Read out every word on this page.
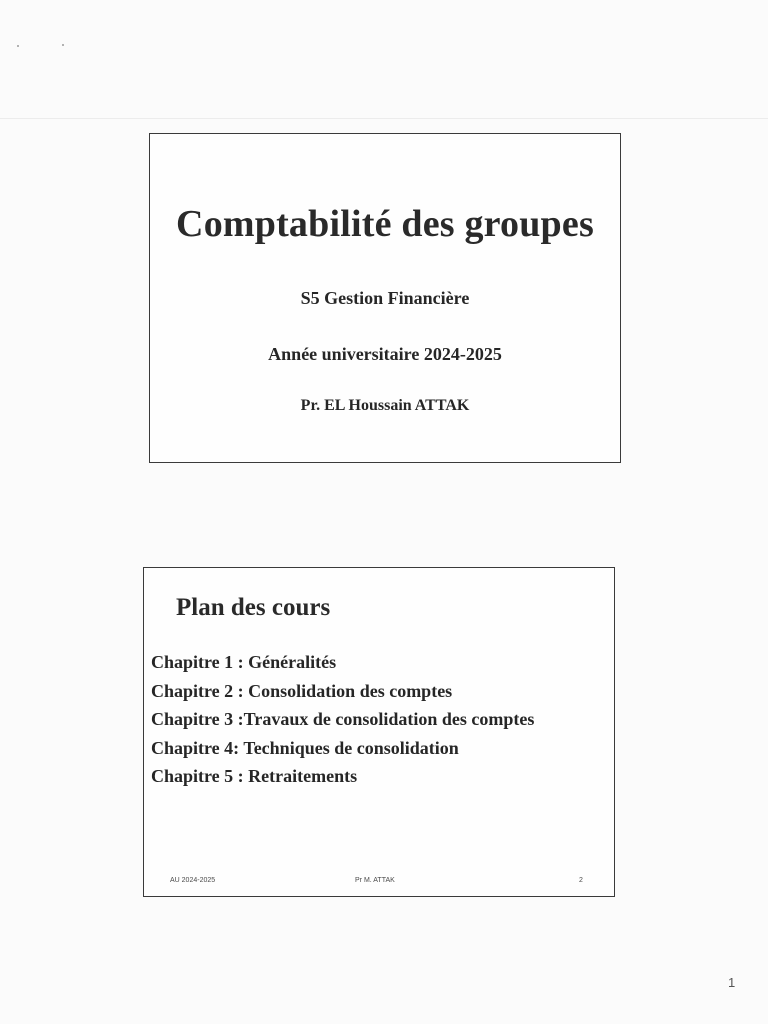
Comptabilité des groupes
S5 Gestion Financière
Année universitaire 2024-2025
Pr. EL Houssain ATTAK
Plan des cours
Chapitre 1 : Généralités
Chapitre 2 : Consolidation des comptes
Chapitre 3 :Travaux de consolidation des comptes
Chapitre 4: Techniques de consolidation
Chapitre 5 : Retraitements
AU 2024-2025	Pr M. ATTAK	2
1
